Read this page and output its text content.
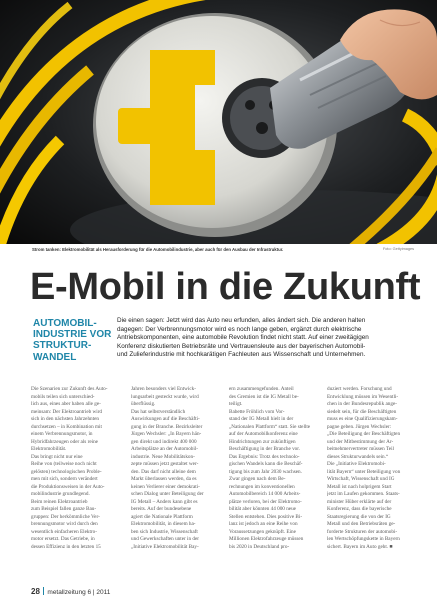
Strom tanken: Elektromobilität als Herausforderung für die Automobilindustrie, aber auch für den Ausbau der Infrastruktur.	Foto: Gettyimages
E-Mobil in die Zukunft
AUTOMOBIL-
INDUSTRIE VOR
STRUKTUR-
WANDEL
Die einen sagen: Jetzt wird das Auto neu erfunden, alles ändert sich. Die anderen halten
dagegen: Der Verbrennungsmotor wird es noch lange geben, ergänzt durch elektrische
Antriebskomponenten, eine automobile Revolution findet nicht statt. Auf einer zweitägigen
Konferenz diskutierten Betriebsräte und Vertrauensleute aus der bayerischen Automobil-
und Zulieferindustrie mit hochkarätigen Fachleuten aus Wissenschaft und Unternehmen.
Die Szenarien zur Zukunft des Auto-
mobils teilen sich unterschied-
lich aus, eines aber haben alle ge-
meinsam: Der Elektroantrieb wird
sich in den nächsten Jahrzehnten
durchsetzen – in Kombination mit
einem Verbrennungsmotor, in
Hybridfahrzeugen oder als reine
Elektromobilität.
Das bringt nicht nur eine
Reihe von (teilweise noch nicht
gelösten) technologischen Proble-
men mit sich, sondern verändert
die Produktionsweisen in der Auto-
mobilindustrie grundlegend.
Beim reinen Elektroantrieb
zum Beispiel fallen ganze Bau-
gruppen: Der herkömmliche Ver-
brennungsmotor wird durch den
wesentlich einfacheren Elektro-
motor ersetzt. Das Getriebe, in
dessen Effizienz in den letzten 15
Jahren besonders viel Entwick-
lungsarbeit gesteckt wurde, wird
überflüssig.
Das hat selbstverständlich
Auswirkungen auf die Beschäfti-
gung in der Branche. Bezirksleiter
Jürgen Wechsler: „In Bayern hän-
gen direkt und indirekt 400 000
Arbeitsplätze an der Automobil-
industrie. Neue Mobilitätskon-
zepte müssen jetzt gestaltet wer-
den. Das darf nicht alleine dem
Markt überlassen werden, da es
keinen Verlierer einer demokrati-
schen Dialog unter Beteiligung der
IG Metall – Anders kann gibt es
bereits. Auf der bundesebene
agiert die Nationale Plattform
Elektromobilität, in diesem ha-
ben sich Industrie, Wissenschaft
und Gewerkschaften unter in der
„Initiative Elektromobilität Bay-
ern zusammengefunden. Anteil
des Gremien ist die IG Metall be-
teiligt.
Babette Fröhlich vom Vor-
stand der IG Metall hielt in der
„Nationalen Plattform“ statt. Sie stellte
auf der Automobilkonferenz eine
Hindrichtungen zur zukünftigen
Beschäftigung in der Branche vor.
Das Ergebnis: Trotz des technolo-
gischen Wandels kann die Beschäf-
tigung bis zum Jahr 2030 wachsen.
Zwar gingen nach dem Be-
rechnungen im konventionellen
Automobilbereich 14 000 Arbeits-
plätze verloren, bei der Elektromo-
bilität aber könnten 44 000 neue
Stellen entstehen. Dies positive Bi-
lanz ist jedoch an eine Reihe von
Voraussetzungen geknüpft. Eine
Millionen Elektrofahrzeuge müssen
bis 2020 in Deutschland pro-
duziert werden. Forschung und
Entwicklung müssen im Wesentli-
chen in der Bundesrepublik ange-
siedelt sein, für die Beschäftigten
muss es eine Qualifizierungskam-
pagne geben. Jürgen Wechsler:
„Die Beteiligung der Beschäftigten
und der Mitbestimmung der Ar-
beitnehmervertreter müssen Teil
dieses Strukturwandels sein.“
Die „Initiative Elektromobi-
lität Bayern“ unter Beteiligung von
Wirtschaft, Wissenschaft und IG
Metall ist nach holprigem Start
jetzt im Laufen gekommen. Staats-
minister Hüber erklärte auf der
Konferenz, dass die bayerische
Staatsregierung die von der IG
Metall und den Betriebsräten ge-
forderte Strukturen der automobi-
len Wertschöpfungskette in Bayern
sichert. Bayern im Auto geht. ■
28 metallzeitung 6 | 2011
